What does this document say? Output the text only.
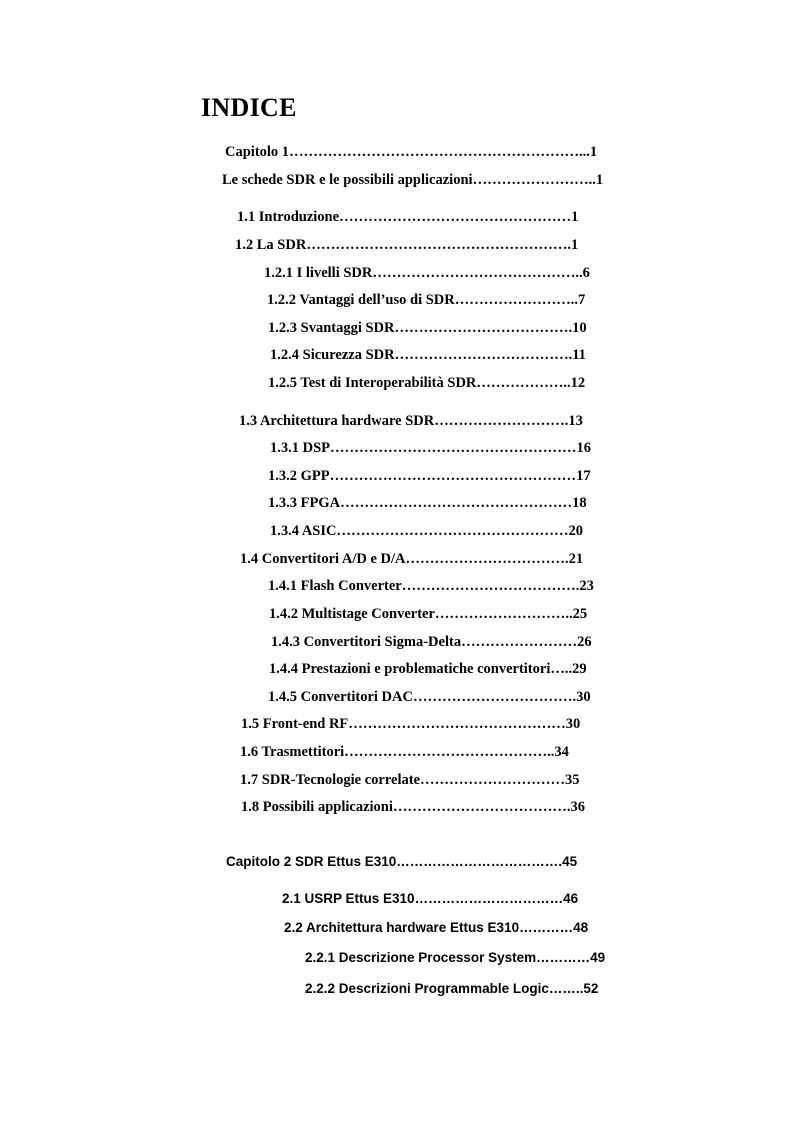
INDICE
Capitolo 1……………………………………………………...1
Le schede SDR e le possibili applicazioni……………………..1
1.1 Introduzione…………………………………………1
1.2 La SDR……………………………………………….1
1.2.1 I livelli SDR……………………………………..6
1.2.2 Vantaggi dell’uso di SDR……………………..7
1.2.3 Svantaggi SDR……………………………….10
1.2.4 Sicurezza SDR……………………………….11
1.2.5 Test di Interoperabilità SDR………………..12
1.3 Architettura hardware SDR……………………….13
1.3.1 DSP……………………………………………16
1.3.2 GPP……………………………………………17
1.3.3 FPGA…………………………………………18
1.3.4 ASIC…………………………………………20
1.4 Convertitori A/D e D/A…………………………….21
1.4.1 Flash Converter……………………………….23
1.4.2 Multistage Converter………………………..25
1.4.3 Convertitori Sigma-Delta……………………26
1.4.4 Prestazioni e problematiche convertitori…..29
1.4.5 Convertitori DAC…………………………….30
1.5 Front-end RF………………………………………30
1.6 Trasmettitori……………………………………..34
1.7 SDR-Tecnologie correlate…………………………35
1.8 Possibili applicazioni……………………………….36
Capitolo 2 SDR Ettus E310……………………………….45
2.1 USRP Ettus E310……………………………46
2.2 Architettura hardware Ettus E310…………48
2.2.1 Descrizione Processor System…………49
2.2.2 Descrizioni Programmable Logic……..52
